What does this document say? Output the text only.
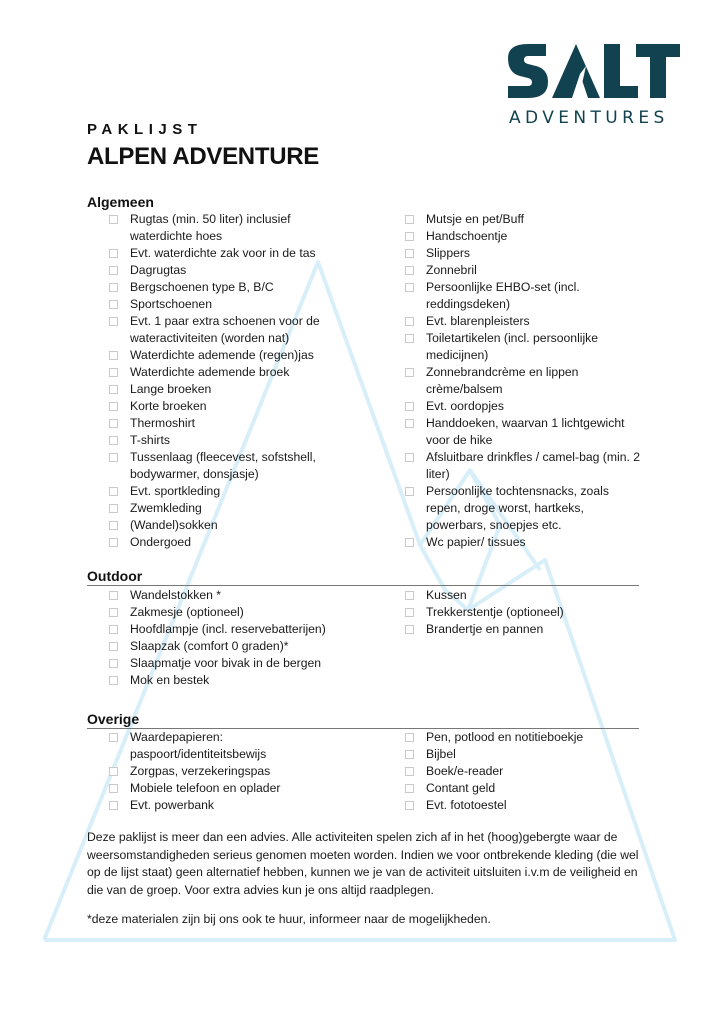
ADVENTURES
PAKLIJST
ALPEN ADVENTURE
Algemeen
Rugtas (min. 50 liter) inclusief waterdichte hoes
Evt. waterdichte zak voor in de tas
Dagrugtas
Bergschoenen type B, B/C
Sportschoenen
Evt. 1 paar extra schoenen voor de wateractiviteiten (worden nat)
Waterdichte ademende (regen)jas
Waterdichte ademende broek
Lange broeken
Korte broeken
Thermoshirt
T-shirts
Tussenlaag (fleecevest, sofstshell, bodywarmer, donsjasje)
Evt. sportkleding
Zwemkleding
(Wandel)sokken
Ondergoed
Mutsje en pet/Buff
Handschoentje
Slippers
Zonnebril
Persoonlijke EHBO-set (incl. reddingsdeken)
Evt. blarenpleisters
Toiletartikelen (incl. persoonlijke medicijnen)
Zonnebrandcrème en lippen crème/balsem
Evt. oordopjes
Handdoeken, waarvan 1 lichtgewicht voor de hike
Afsluitbare drinkfles / camel-bag (min. 2 liter)
Persoonlijke tochtensnacks, zoals repen, droge worst, hartkeks, powerbars, snoepjes etc.
Wc papier/ tissues
Outdoor
Wandelstokken *
Zakmesje (optioneel)
Hoofdlampje (incl. reservebatterijen)
Slaapzak (comfort 0 graden)*
Slaapmatje voor bivak in de bergen
Mok en bestek
Kussen
Trekkerstentje (optioneel)
Brandertje en pannen
Overige
Waardepapieren: paspoort/identiteitsbewijs
Zorgpas, verzekeringspas
Mobiele telefoon en oplader
Evt. powerbank
Pen, potlood en notitieboekje
Bijbel
Boek/e-reader
Contant geld
Evt. fototoestel
Deze paklijst is meer dan een advies. Alle activiteiten spelen zich af in het (hoog)gebergte waar de weersomstandigheden serieus genomen moeten worden. Indien we voor ontbrekende kleding (die wel op de lijst staat) geen alternatief hebben, kunnen we je van de activiteit uitsluiten i.v.m de veiligheid en die van de groep. Voor extra advies kun je ons altijd raadplegen.
*deze materialen zijn bij ons ook te huur, informeer naar de mogelijkheden.
